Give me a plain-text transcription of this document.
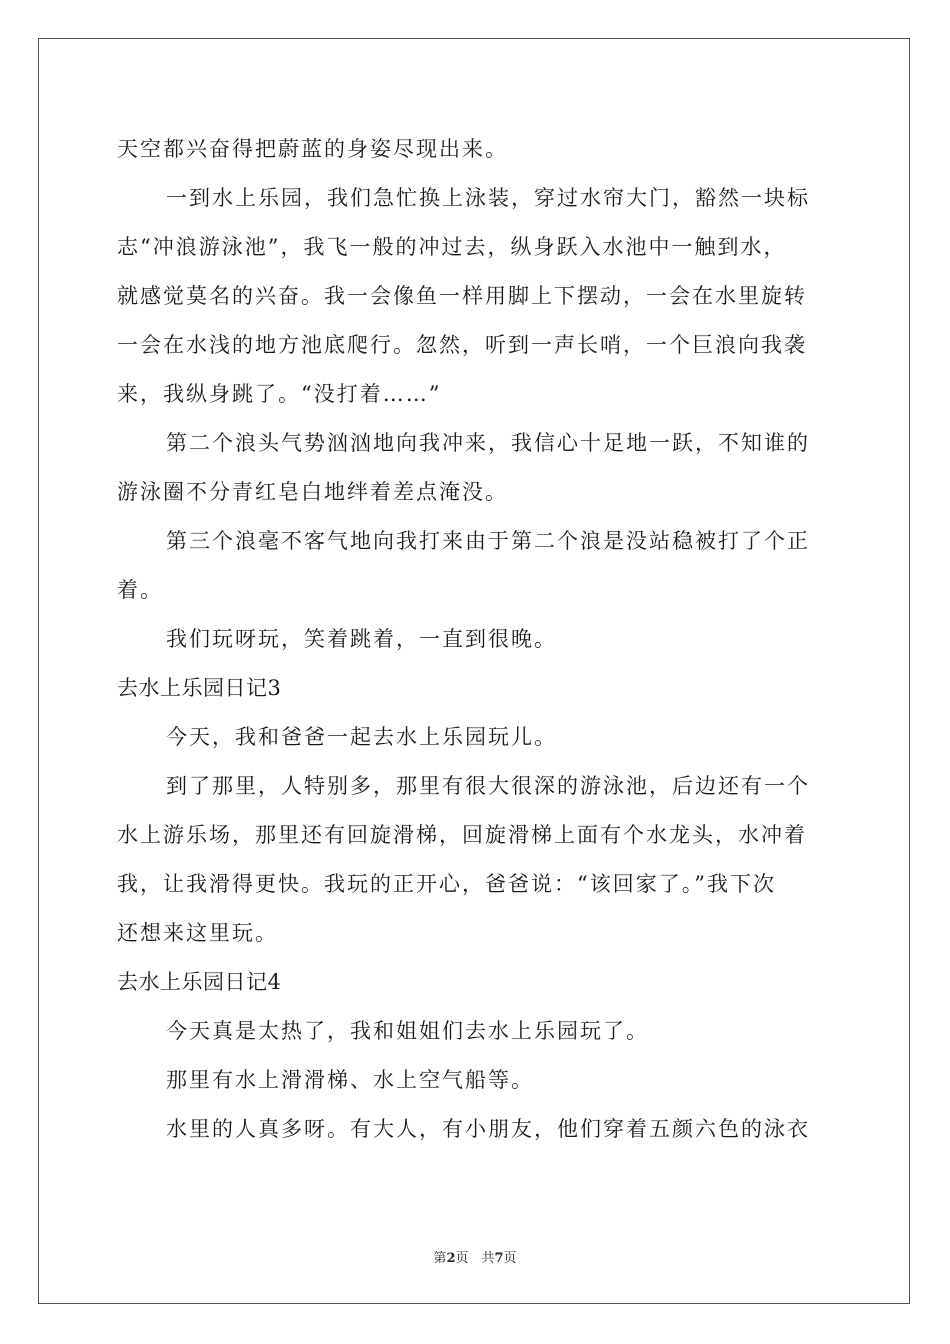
天空都兴奋得把蔚蓝的身姿尽现出来。
一到水上乐园，我们急忙换上泳装，穿过水帘大门，豁然一块标
志“冲浪游泳池”，我飞一般的冲过去，纵身跃入水池中一触到水，
就感觉莫名的兴奋。我一会像鱼一样用脚上下摆动，一会在水里旋转
一会在水浅的地方池底爬行。忽然，听到一声长哨，一个巨浪向我袭
来，我纵身跳了。“没打着……”
第二个浪头气势汹汹地向我冲来，我信心十足地一跃，不知谁的
游泳圈不分青红皂白地绊着差点淹没。
第三个浪毫不客气地向我打来由于第二个浪是没站稳被打了个正
着。
我们玩呀玩，笑着跳着，一直到很晚。
去水上乐园日记3
今天，我和爸爸一起去水上乐园玩儿。
到了那里，人特别多，那里有很大很深的游泳池，后边还有一个
水上游乐场，那里还有回旋滑梯，回旋滑梯上面有个水龙头，水冲着
我，让我滑得更快。我玩的正开心，爸爸说：“该回家了。”我下次
还想来这里玩。
去水上乐园日记4
今天真是太热了，我和姐姐们去水上乐园玩了。
那里有水上滑滑梯、水上空气船等。
水里的人真多呀。有大人，有小朋友，他们穿着五颜六色的泳衣
第2页　共7页
